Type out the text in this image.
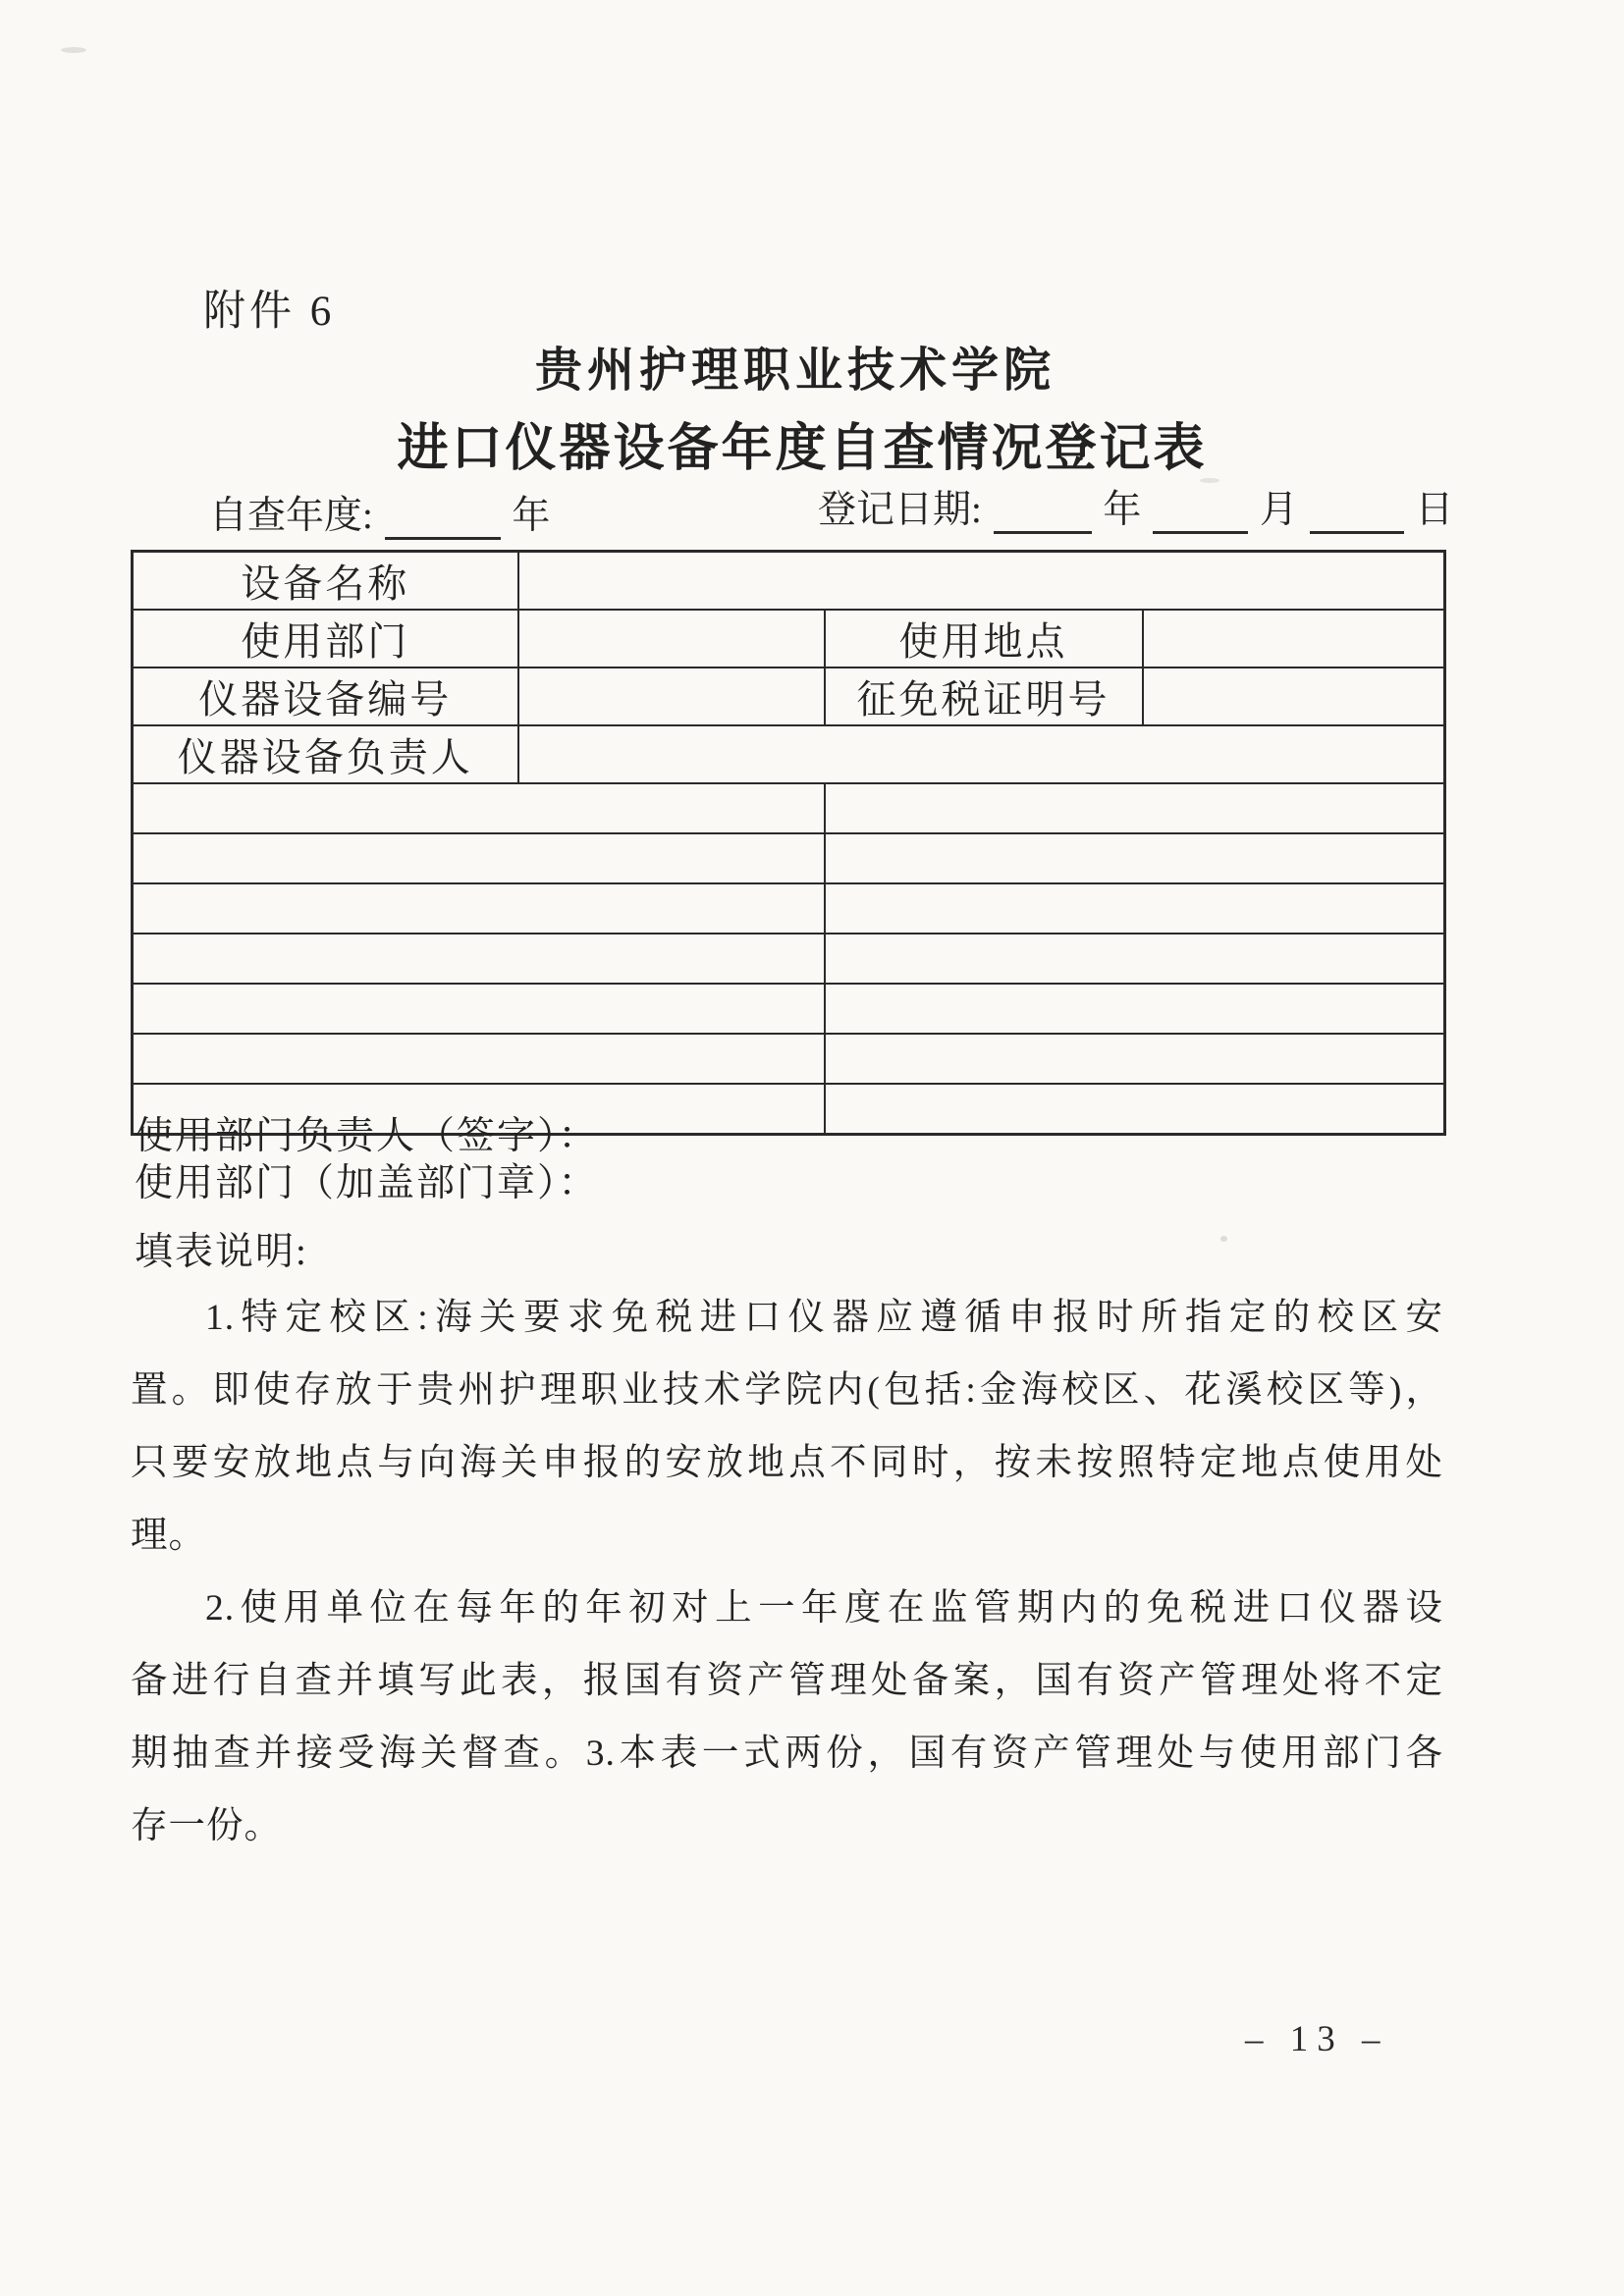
附件 6
贵州护理职业技术学院
进口仪器设备年度自查情况登记表
自查年度:	年	登记日期:	年	月	日
设备名称			
使用部门		使用地点	
仪器设备编号		征免税证明号	
仪器设备负责人			

使用部门负责人（签字）：
使用部门（加盖部门章）：
填表说明:
1.特定校区:海关要求免税进口仪器应遵循申报时所指定的校区安
置。即使存放于贵州护理职业技术学院内(包括:金海校区、花溪校区等)，
只要安放地点与向海关申报的安放地点不同时，按未按照特定地点使用处
理。
2.使用单位在每年的年初对上一年度在监管期内的免税进口仪器设
备进行自查并填写此表，报国有资产管理处备案，国有资产管理处将不定
期抽查并接受海关督查。3.本表一式两份，国有资产管理处与使用部门各
存一份。
– 13 –
